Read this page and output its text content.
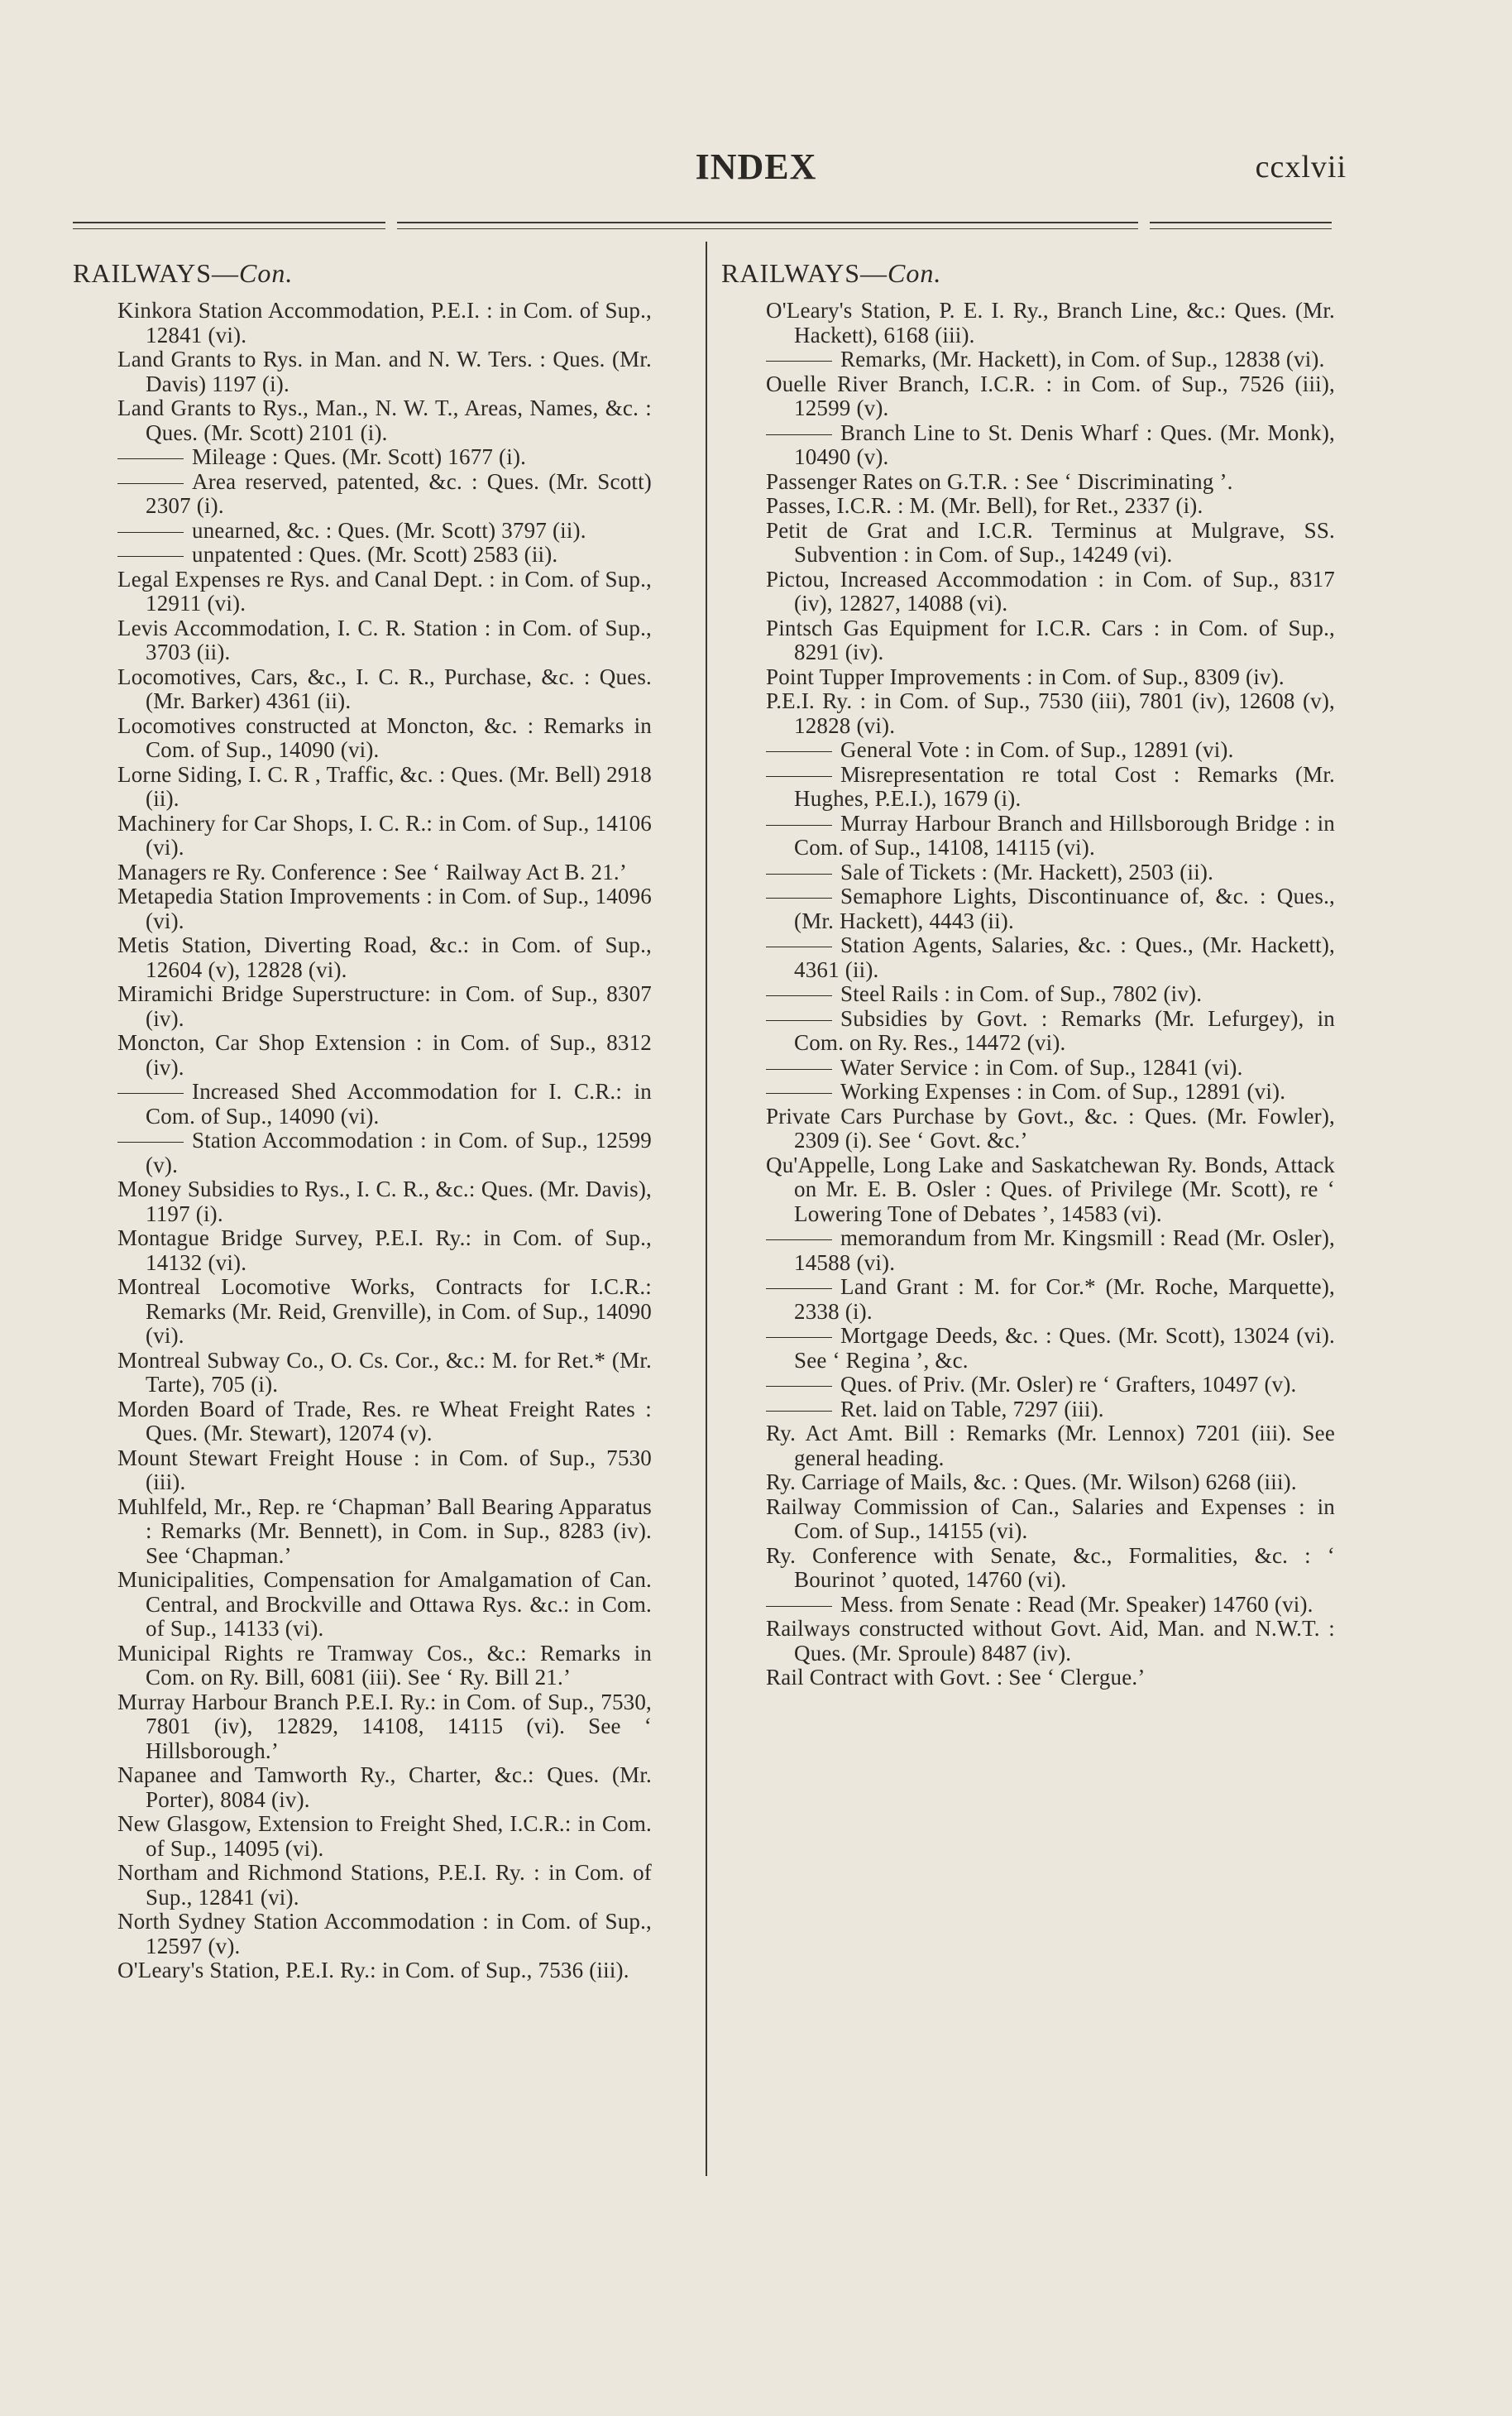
INDEX	ccxlvii
RAILWAYS—Con.
Kinkora Station Accommodation, P.E.I. : in Com. of Sup., 12841 (vi).
Land Grants to Rys. in Man. and N. W. Ters. : Ques. (Mr. Davis) 1197 (i).
Land Grants to Rys., Man., N. W. T., Areas, Names, &c. : Ques. (Mr. Scott) 2101 (i).
Mileage : Ques. (Mr. Scott) 1677 (i).
Area reserved, patented, &c. : Ques. (Mr. Scott) 2307 (i).
unearned, &c. : Ques. (Mr. Scott) 3797 (ii).
unpatented : Ques. (Mr. Scott) 2583 (ii).
Legal Expenses re Rys. and Canal Dept. : in Com. of Sup., 12911 (vi).
Levis Accommodation, I. C. R. Station : in Com. of Sup., 3703 (ii).
Locomotives, Cars, &c., I. C. R., Purchase, &c. : Ques. (Mr. Barker) 4361 (ii).
Locomotives constructed at Moncton, &c. : Remarks in Com. of Sup., 14090 (vi).
Lorne Siding, I. C. R , Traffic, &c. : Ques. (Mr. Bell) 2918 (ii).
Machinery for Car Shops, I. C. R.: in Com. of Sup., 14106 (vi).
Managers re Ry. Conference : See ‘ Railway Act B. 21.’
Metapedia Station Improvements : in Com. of Sup., 14096 (vi).
Metis Station, Diverting Road, &c.: in Com. of Sup., 12604 (v), 12828 (vi).
Miramichi Bridge Superstructure: in Com. of Sup., 8307 (iv).
Moncton, Car Shop Extension : in Com. of Sup., 8312 (iv).
Increased Shed Accommodation for I. C.R.: in Com. of Sup., 14090 (vi).
Station Accommodation : in Com. of Sup., 12599 (v).
Money Subsidies to Rys., I. C. R., &c.: Ques. (Mr. Davis), 1197 (i).
Montague Bridge Survey, P.E.I. Ry.: in Com. of Sup., 14132 (vi).
Montreal Locomotive Works, Contracts for I.C.R.: Remarks (Mr. Reid, Grenville), in Com. of Sup., 14090 (vi).
Montreal Subway Co., O. Cs. Cor., &c.: M. for Ret.* (Mr. Tarte), 705 (i).
Morden Board of Trade, Res. re Wheat Freight Rates : Ques. (Mr. Stewart), 12074 (v).
Mount Stewart Freight House : in Com. of Sup., 7530 (iii).
Muhlfeld, Mr., Rep. re ‘Chapman’ Ball Bearing Apparatus : Remarks (Mr. Bennett), in Com. in Sup., 8283 (iv). See ‘Chapman.’
Municipalities, Compensation for Amalgamation of Can. Central, and Brockville and Ottawa Rys. &c.: in Com. of Sup., 14133 (vi).
Municipal Rights re Tramway Cos., &c.: Remarks in Com. on Ry. Bill, 6081 (iii). See ‘ Ry. Bill 21.’
Murray Harbour Branch P.E.I. Ry.: in Com. of Sup., 7530, 7801 (iv), 12829, 14108, 14115 (vi). See ‘ Hillsborough.’
Napanee and Tamworth Ry., Charter, &c.: Ques. (Mr. Porter), 8084 (iv).
New Glasgow, Extension to Freight Shed, I.C.R.: in Com. of Sup., 14095 (vi).
Northam and Richmond Stations, P.E.I. Ry. : in Com. of Sup., 12841 (vi).
North Sydney Station Accommodation : in Com. of Sup., 12597 (v).
O'Leary's Station, P.E.I. Ry.: in Com. of Sup., 7536 (iii).
RAILWAYS—Con.
O'Leary's Station, P. E. I. Ry., Branch Line, &c.: Ques. (Mr. Hackett), 6168 (iii).
Remarks, (Mr. Hackett), in Com. of Sup., 12838 (vi).
Ouelle River Branch, I.C.R. : in Com. of Sup., 7526 (iii), 12599 (v).
Branch Line to St. Denis Wharf : Ques. (Mr. Monk), 10490 (v).
Passenger Rates on G.T.R. : See ‘ Discriminating ’.
Passes, I.C.R. : M. (Mr. Bell), for Ret., 2337 (i).
Petit de Grat and I.C.R. Terminus at Mulgrave, SS. Subvention : in Com. of Sup., 14249 (vi).
Pictou, Increased Accommodation : in Com. of Sup., 8317 (iv), 12827, 14088 (vi).
Pintsch Gas Equipment for I.C.R. Cars : in Com. of Sup., 8291 (iv).
Point Tupper Improvements : in Com. of Sup., 8309 (iv).
P.E.I. Ry. : in Com. of Sup., 7530 (iii), 7801 (iv), 12608 (v), 12828 (vi).
General Vote : in Com. of Sup., 12891 (vi).
Misrepresentation re total Cost : Remarks (Mr. Hughes, P.E.I.), 1679 (i).
Murray Harbour Branch and Hillsborough Bridge : in Com. of Sup., 14108, 14115 (vi).
Sale of Tickets : (Mr. Hackett), 2503 (ii).
Semaphore Lights, Discontinuance of, &c. : Ques., (Mr. Hackett), 4443 (ii).
Station Agents, Salaries, &c. : Ques., (Mr. Hackett), 4361 (ii).
Steel Rails : in Com. of Sup., 7802 (iv).
Subsidies by Govt. : Remarks (Mr. Lefurgey), in Com. on Ry. Res., 14472 (vi).
Water Service : in Com. of Sup., 12841 (vi).
Working Expenses : in Com. of Sup., 12891 (vi).
Private Cars Purchase by Govt., &c. : Ques. (Mr. Fowler), 2309 (i). See ‘ Govt. &c.’
Qu'Appelle, Long Lake and Saskatchewan Ry. Bonds, Attack on Mr. E. B. Osler : Ques. of Privilege (Mr. Scott), re ‘ Lowering Tone of Debates ’, 14583 (vi).
memorandum from Mr. Kingsmill : Read (Mr. Osler), 14588 (vi).
Land Grant : M. for Cor.* (Mr. Roche, Marquette), 2338 (i).
Mortgage Deeds, &c. : Ques. (Mr. Scott), 13024 (vi). See ‘ Regina ’, &c.
Ques. of Priv. (Mr. Osler) re ‘ Grafters, 10497 (v).
Ret. laid on Table, 7297 (iii).
Ry. Act Amt. Bill : Remarks (Mr. Lennox) 7201 (iii). See general heading.
Ry. Carriage of Mails, &c. : Ques. (Mr. Wilson) 6268 (iii).
Railway Commission of Can., Salaries and Expenses : in Com. of Sup., 14155 (vi).
Ry. Conference with Senate, &c., Formalities, &c. : ‘ Bourinot ’ quoted, 14760 (vi).
Mess. from Senate : Read (Mr. Speaker) 14760 (vi).
Railways constructed without Govt. Aid, Man. and N.W.T. : Ques. (Mr. Sproule) 8487 (iv).
Rail Contract with Govt. : See ‘ Clergue.’
